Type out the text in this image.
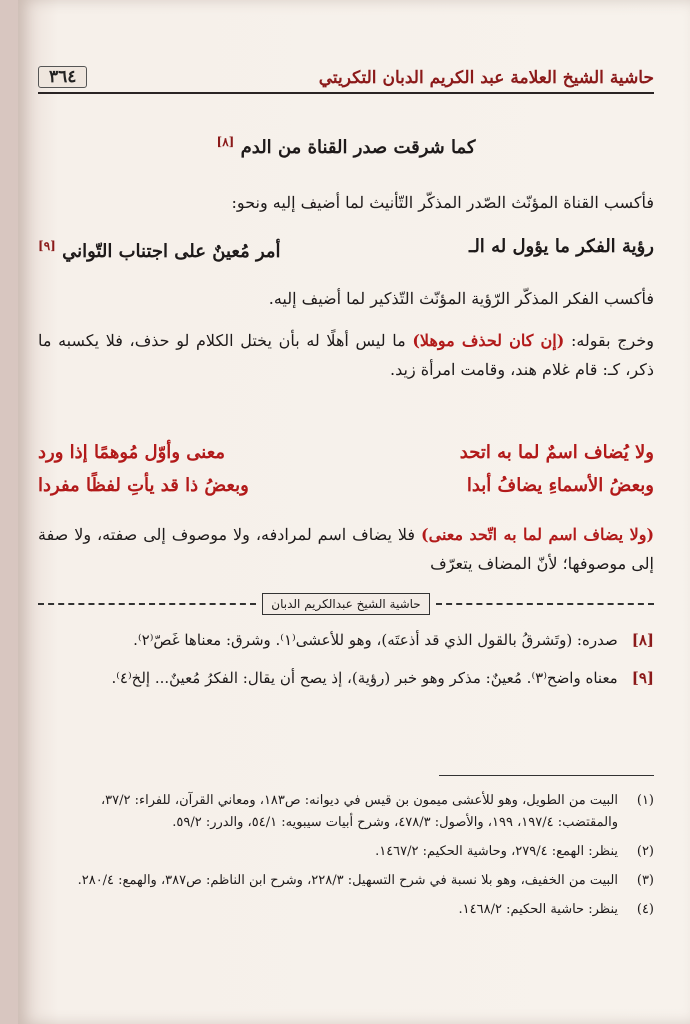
حاشية الشيخ العلامة عبد الكريم الدبان التكريتي
٣٦٤
كما شرقت صدر القناة من الدم [٨]
فأكسب القناة المؤنّث الصّدر المذكّر التّأنيث لما أضيف إليه ونحو:
رؤية الفكر ما يؤول له الـ
أمر مُعينٌ على اجتناب التّواني [٩]
فأكسب الفكر المذكّر الرّؤية المؤنّث التّذكير لما أضيف إليه.
وخرج بقوله: (إن كان لحذف موهلا) ما ليس أهلًا له بأن يختل الكلام لو حذف، فلا يكسبه ما ذكر، كـ: قام غلام هند، وقامت امرأة زيد.
ولا يُضاف اسمٌ لما به اتحد
معنى وأوّل مُوهمًا إذا ورد
وبعضُ الأسماءِ يضافُ أبدا
وبعضُ ذا قد يأتِ لفظًا مفردا
(ولا يضاف اسم لما به اتّحد معنى) فلا يضاف اسم لمرادفه، ولا موصوف إلى صفته، ولا صفة إلى موصوفها؛ لأنّ المضاف يتعرّف
حاشية الشيخ عبدالكريم الدبان
[٨]
صدره: (وتَشرقُ بالقول الذي قد أذعتَه)، وهو للأعشى⁽١⁾. وشرق: معناها غَصّ⁽٢⁾.
[٩]
معناه واضح⁽٣⁾. مُعينٌ: مذكر وهو خبر (رؤية)، إذ يصح أن يقال: الفكرُ مُعينٌ... إلخ⁽٤⁾.
(١)
البيت من الطويل، وهو للأعشى ميمون بن قيس في ديوانه: ص١٨٣، ومعاني القرآن، للفراء: ٣٧/٢، والمقتضب: ١٩٧/٤، ١٩٩، والأصول: ٤٧٨/٣، وشرح أبيات سيبويه: ٥٤/١، والدرر: ٥٩/٢.
(٢)
ينظر: الهمع: ٢٧٩/٤، وحاشية الحكيم: ١٤٦٧/٢.
(٣)
البيت من الخفيف، وهو بلا نسبة في شرح التسهيل: ٢٢٨/٣، وشرح ابن الناظم: ص٣٨٧، والهمع: ٢٨٠/٤.
(٤)
ينظر: حاشية الحكيم: ١٤٦٨/٢.
